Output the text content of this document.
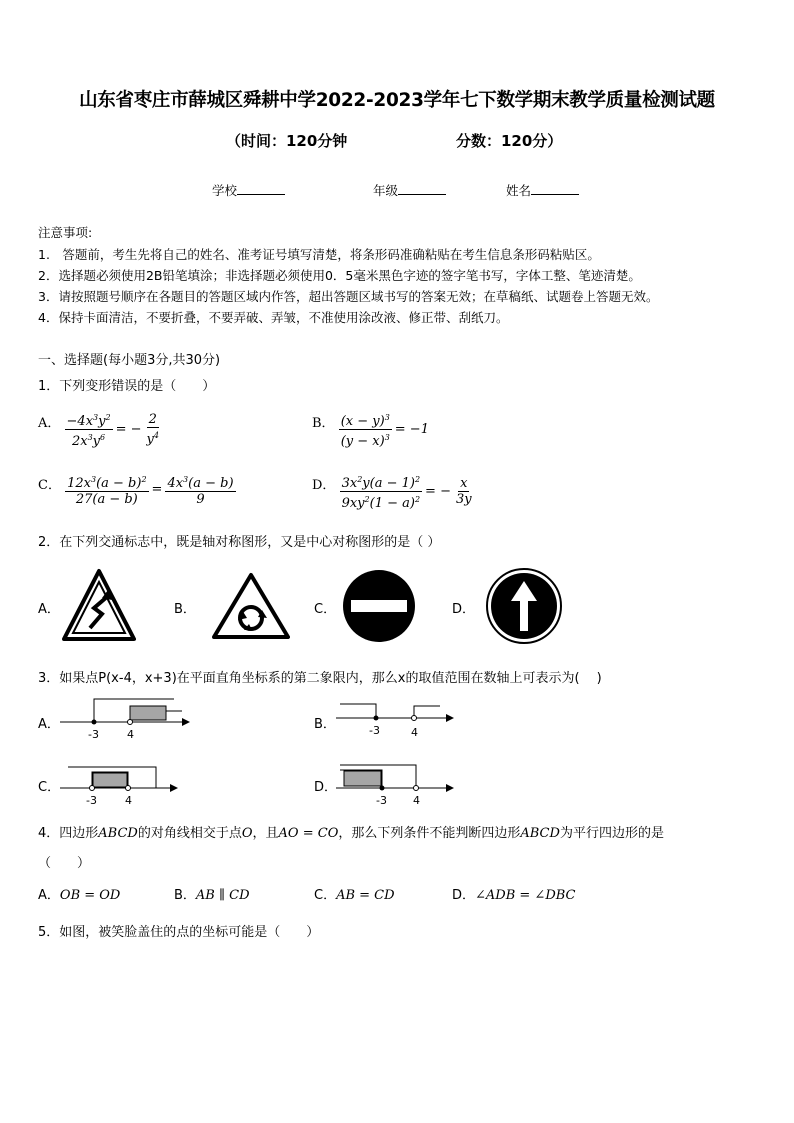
山东省枣庄市薛城区舜耕中学2022-2023学年七下数学期末教学质量检测试题
（时间：120分钟	分数：120分）
学校	年级	姓名
注意事项:
1.　答题前，考生先将自己的姓名、准考证号填写清楚，将条形码准确粘贴在考生信息条形码粘贴区。
2．选择题必须使用2B铅笔填涂；非选择题必须使用0．5毫米黑色字迹的签字笔书写，字体工整、笔迹清楚。
3．请按照题号顺序在各题目的答题区域内作答，超出答题区域书写的答案无效；在草稿纸、试题卷上答题无效。
4．保持卡面清洁，不要折叠，不要弄破、弄皱，不准使用涂改液、修正带、刮纸刀。
一、选择题(每小题3分,共30分)
1．下列变形错误的是（　　）
A． $\frac{-4x^3y^2}{2x^3y^6}$ = − $\frac{2}{y^4}$	B． $\frac{(x - y)^3}{(y - x)^3} = -1$
C． $\frac{12x^3(a - b)^2}{27(a - b)} = \frac{4x^3(a - b)}{9}$	D． $\frac{3x^2y(a - 1)^2}{9xy^2(1 - a)^2}$ = − $\frac{x}{3y}$
2．在下列交通标志中，既是轴对称图形，又是中心对称图形的是（ ）
A．	B．	C．	D．
3．如果点P(x-4，x+3)在平面直角坐标系的第二象限内，那么x的取值范围在数轴上可表示为(　 )
A．
-3	4
B．	-3	4
C．
-3	4
D．
-3 4
4．四边形ABCD的对角线相交于点O，且AO = CO，那么下列条件不能判断四边形ABCD为平行四边形的是
（　　）
A．OB = OD	B．AB ∥ CD	C．AB = CD	D．∠ADB = ∠DBC
5．如图，被笑脸盖住的点的坐标可能是（　　）
